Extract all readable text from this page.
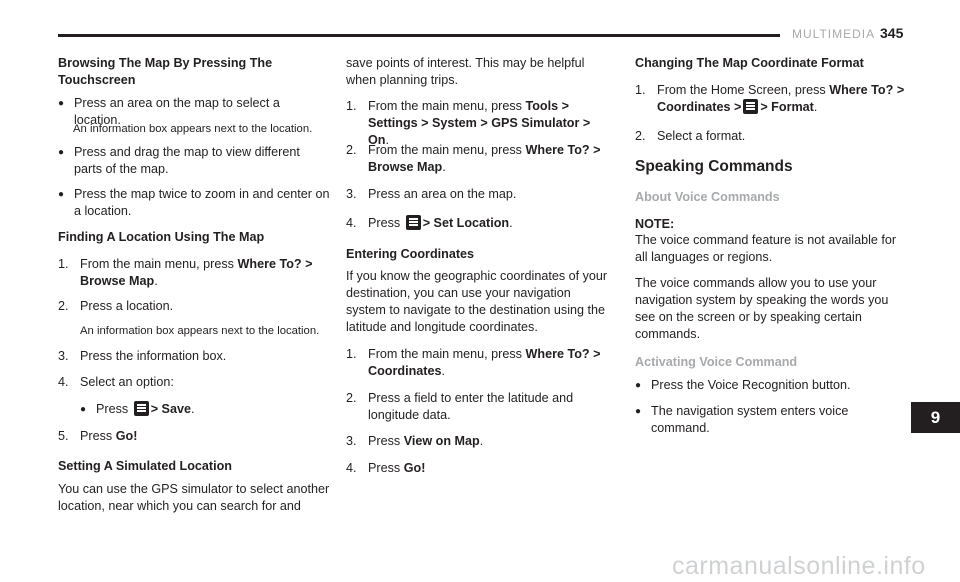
MULTIMEDIA 345

Browsing The Map By Pressing The Touchscreen

● Press an area on the map to select a location.

An information box appears next to the location.

● Press and drag the map to view different parts of the map.
● Press the map twice to zoom in and center on a location.

Finding A Location Using The Map

1. From the main menu, press Where To? > Browse Map.
2. Press a location.

An information box appears next to the location.

3. Press the information box.
4. Select an option:
● Press > Save.
5. Press Go!

Setting A Simulated Location

You can use the GPS simulator to select another location, near which you can search for and

save points of interest. This may be helpful when planning trips.

1. From the main menu, press Tools > Settings > System > GPS Simulator > On.
2. From the main menu, press Where To? > Browse Map.
3. Press an area on the map.
4. Press > Set Location.

Entering Coordinates

If you know the geographic coordinates of your destination, you can use your navigation system to navigate to the destination using the latitude and longitude coordinates.

1. From the main menu, press Where To? > Coordinates.
2. Press a field to enter the latitude and longitude data.
3. Press View on Map.
4. Press Go!

Changing The Map Coordinate Format

1. From the Home Screen, press Where To? > Coordinates > > Format.
2. Select a format.

Speaking Commands

About Voice Commands

NOTE:

The voice command feature is not available for all languages or regions.

The voice commands allow you to use your navigation system by speaking the words you see on the screen or by speaking certain commands.

Activating Voice Command

● Press the Voice Recognition button.
● The navigation system enters voice command.
9
carmanualsonline.info
